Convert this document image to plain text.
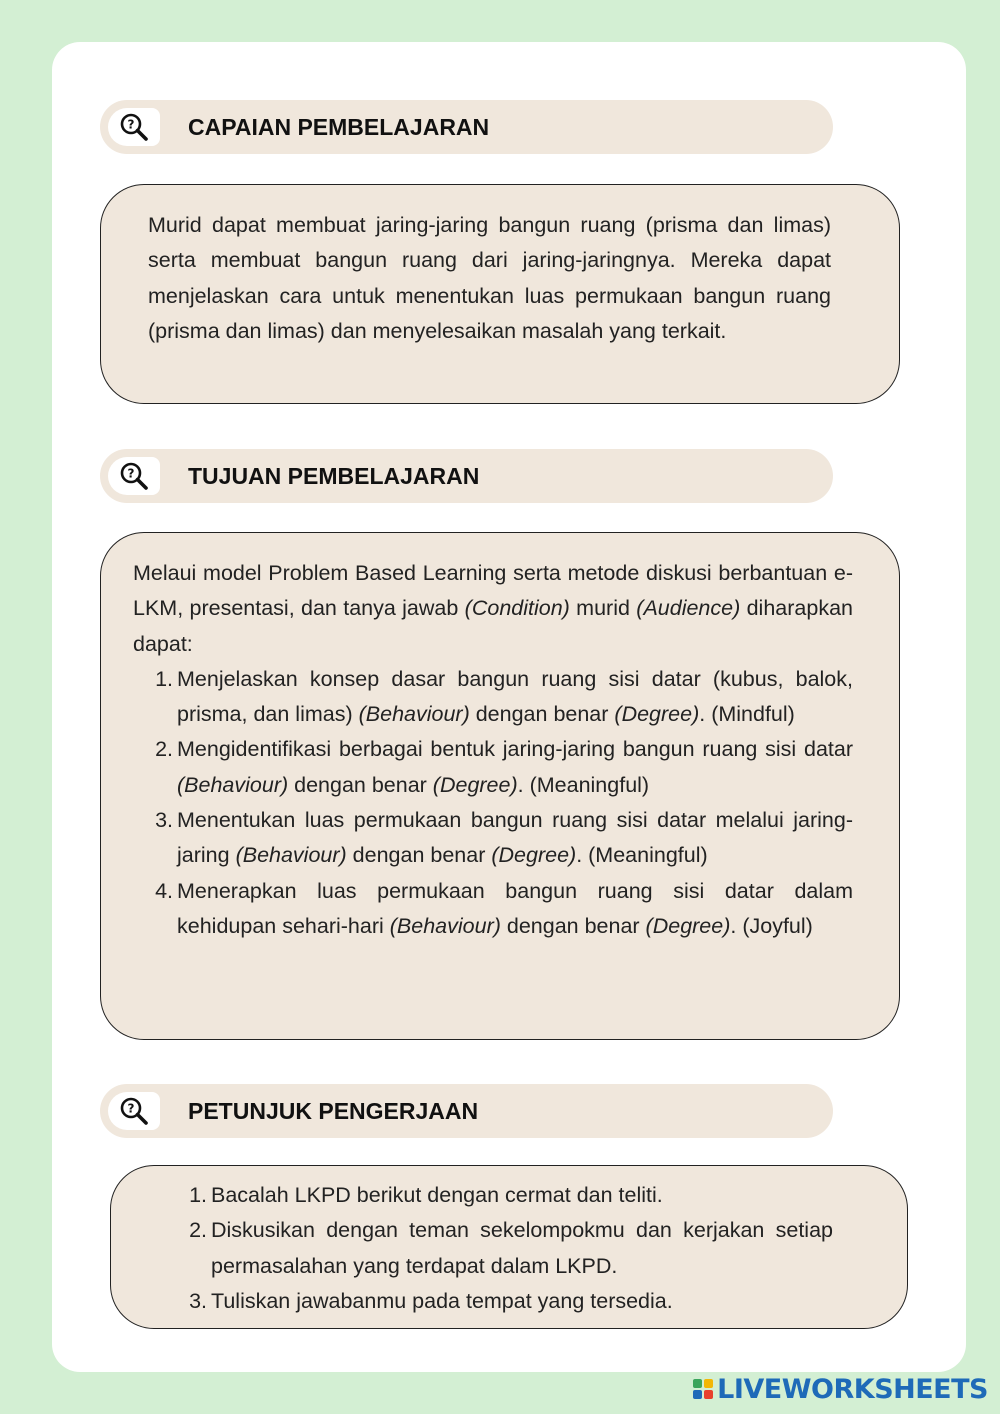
? CAPAIAN PEMBELAJARAN

Murid dapat membuat jaring-jaring bangun ruang (prisma dan limas) serta membuat bangun ruang dari jaring-jaringnya. Mereka dapat menjelaskan cara untuk menentukan luas permukaan bangun ruang (prisma dan limas) dan menyelesaikan masalah yang terkait.

? TUJUAN PEMBELAJARAN

Melaui model Problem Based Learning serta metode diskusi berbantuan e-LKM, presentasi, dan tanya jawab (Condition) murid (Audience) diharapkan dapat:

1. Menjelaskan konsep dasar bangun ruang sisi datar (kubus, balok, prisma, dan limas) (Behaviour) dengan benar (Degree). (Mindful)
2. Mengidentifikasi berbagai bentuk jaring-jaring bangun ruang sisi datar (Behaviour) dengan benar (Degree). (Meaningful)
3. Menentukan luas permukaan bangun ruang sisi datar melalui jaring-jaring (Behaviour) dengan benar (Degree). (Meaningful)
4. Menerapkan luas permukaan bangun ruang sisi datar dalam kehidupan sehari-hari (Behaviour) dengan benar (Degree). (Joyful)
? PETUNJUK PENGERJAAN
1. Bacalah LKPD berikut dengan cermat dan teliti.
2. Diskusikan dengan teman sekelompokmu dan kerjakan setiap permasalahan yang terdapat dalam LKPD.
3. Tuliskan jawabanmu pada tempat yang tersedia.
LIVEWORKSHEETS
